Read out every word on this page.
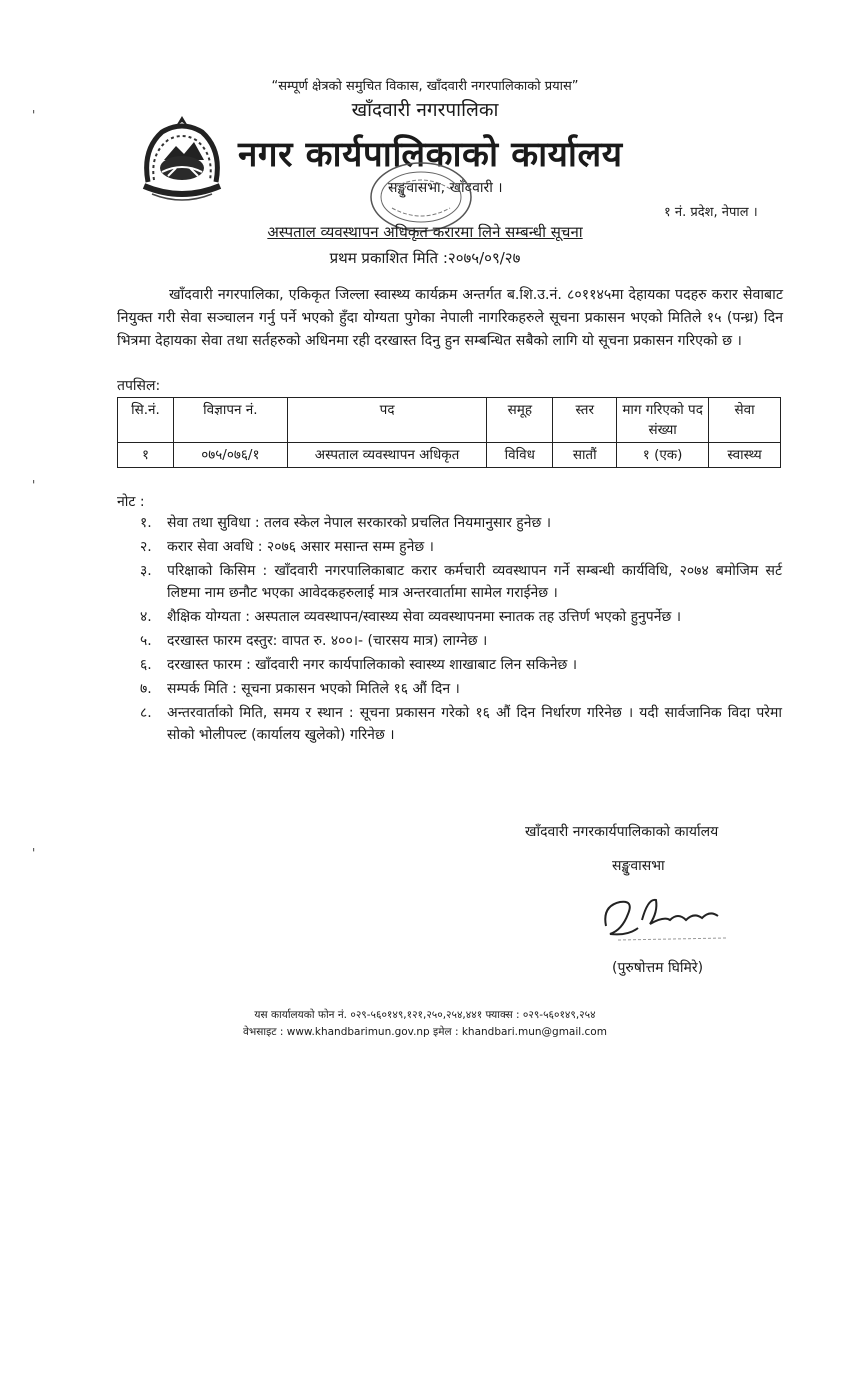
'
'
'
“सम्पूर्ण क्षेत्रको समुचित विकास, खाँदवारी नगरपालिकाको प्रयास”
खाँदवारी नगरपालिका
नगर कार्यपालिकाको कार्यालय
सङ्खुवासभा, खाँदवारी ।
१ नं. प्रदेश, नेपाल ।
अस्पताल व्यवस्थापन अधिकृत करारमा लिने सम्बन्धी सूचना
प्रथम प्रकाशित मिति :२०७५/०९/२७

खाँदवारी नगरपालिका, एकिकृत जिल्ला स्वास्थ्य कार्यक्रम अन्तर्गत ब.शि.उ.नं. ८०११४५मा देहायका पदहरु करार सेवाबाट नियुक्त गरी सेवा सञ्चालन गर्नु पर्ने भएको हुँदा योग्यता पुगेका नेपाली नागरिकहरुले सूचना प्रकासन भएको मितिले १५ (पन्ध्र) दिन भित्रमा देहायका सेवा तथा सर्तहरुको अधिनमा रही दरखास्त दिनु हुन सम्बन्धित सबैको लागि यो सूचना प्रकासन गरिएको छ ।

तपसिल:
सि.नं.	विज्ञापन नं.	पद	समूह	स्तर	माग गरिएको पद संख्या	सेवा
१	०७५/०७६/१	अस्पताल व्यवस्थापन अधिकृत	विविध	सातौं	१ (एक)	स्वास्थ्य
नोट :
१. सेवा तथा सुविधा : तलव स्केल नेपाल सरकारको प्रचलित नियमानुसार हुनेछ ।
२. करार सेवा अवधि : २०७६ असार मसान्त सम्म हुनेछ ।
३. परिक्षाको किसिम : खाँदवारी नगरपालिकाबाट करार कर्मचारी व्यवस्थापन गर्ने सम्बन्धी कार्यविधि, २०७४ बमोजिम सर्ट लिष्टमा नाम छनौट भएका आवेदकहरुलाई मात्र अन्तरवार्तामा सामेल गराईनेछ ।
४. शैक्षिक योग्यता : अस्पताल व्यवस्थापन/स्वास्थ्य सेवा व्यवस्थापनमा स्नातक तह उत्तिर्ण भएको हुनुपर्नेछ ।
५. दरखास्त फारम दस्तुर: वापत रु. ४००।- (चारसय मात्र) लाग्नेछ ।
६. दरखास्त फारम : खाँदवारी नगर कार्यपालिकाको स्वास्थ्य शाखाबाट लिन सकिनेछ ।
७. सम्पर्क मिति : सूचना प्रकासन भएको मितिले १६ औं दिन ।
८. अन्तरवार्ताको मिति, समय र स्थान : सूचना प्रकासन गरेको १६ औं दिन निर्धारण गरिनेछ । यदी सार्वजानिक विदा परेमा सोको भोलीपल्ट (कार्यालय खुलेको) गरिनेछ ।
खाँदवारी नगरकार्यपालिकाको कार्यालय
सङ्खुवासभा
(पुरुषोत्तम घिमिरे)
यस कार्यालयको फोन नं. ०२९-५६०१४९,१२१,२५०,२५४,४४१ फ्याक्स : ०२९-५६०१४९,२५४
वेभसाइट : www.khandbarimun.gov.np इमेल : khandbari.mun@gmail.com
